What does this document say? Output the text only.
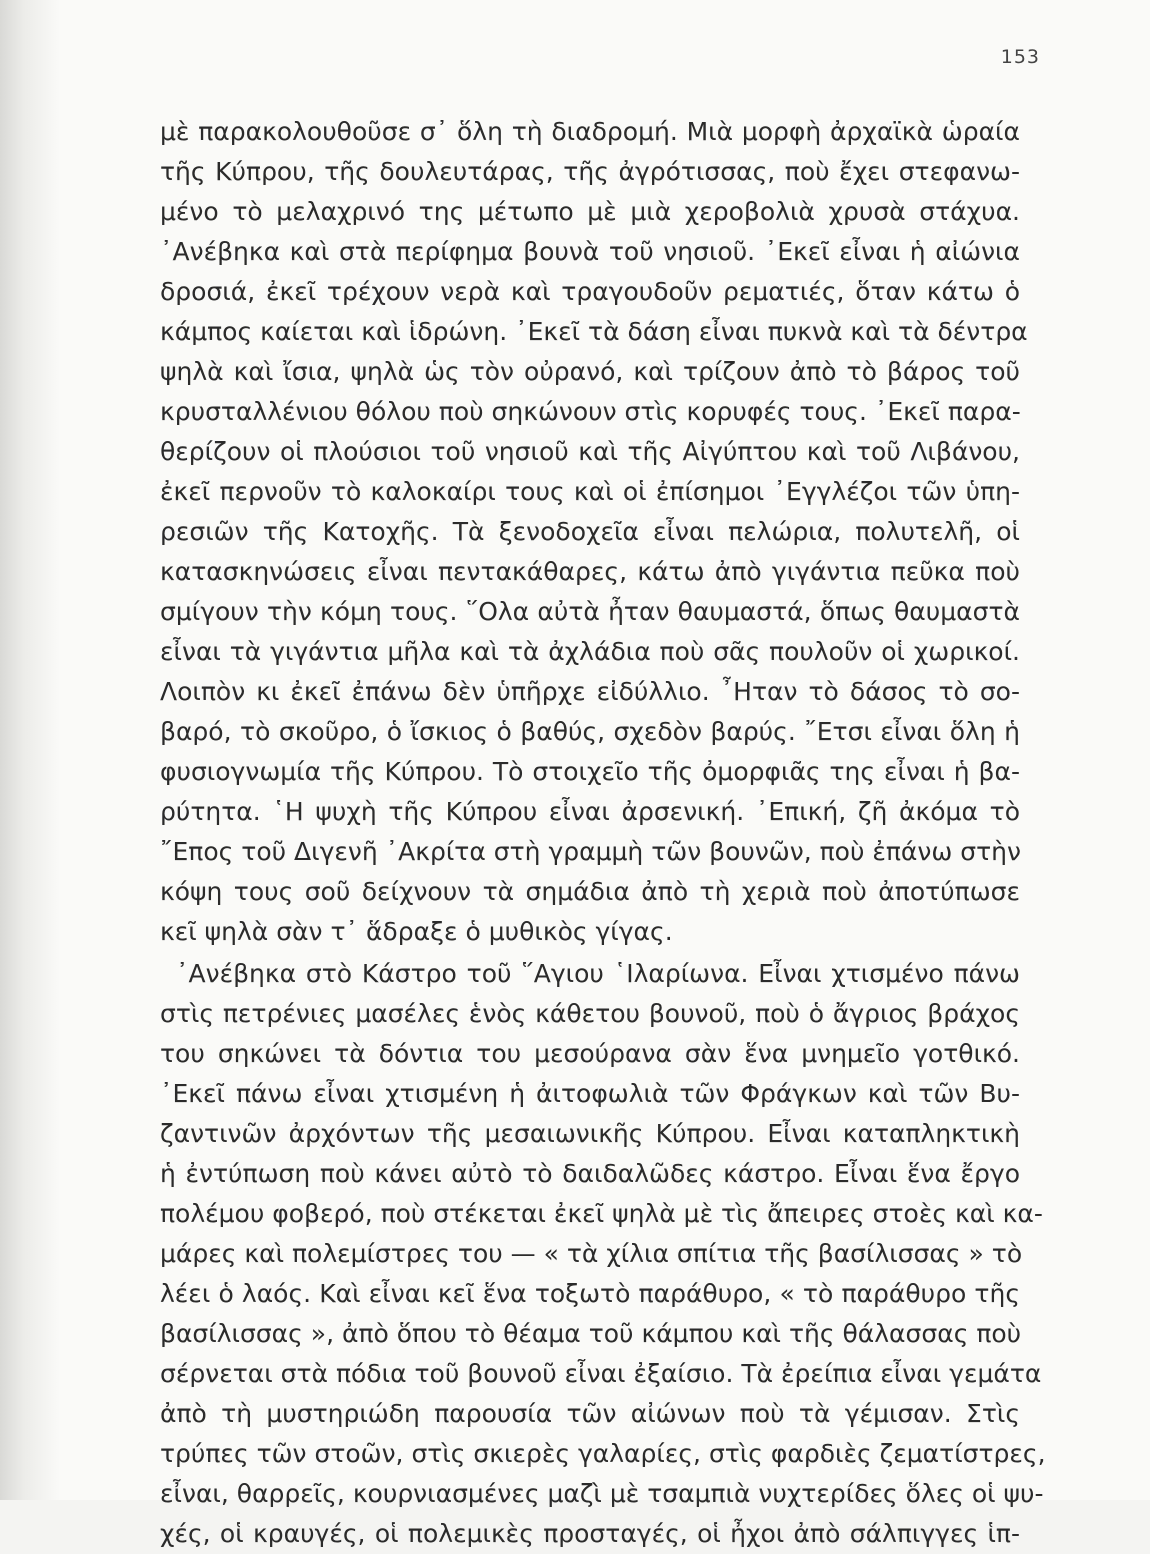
153
μὲ παρακολουθοῦσε σ᾽ ὅλη τὴ διαδρομή. Μιὰ μορφὴ ἀρχαϊκὰ ὡραία
τῆς Κύπρου, τῆς δουλευτάρας, τῆς ἀγρότισσας, ποὺ ἔχει στεφανω-
μένο τὸ μελαχρινό της μέτωπο μὲ μιὰ χεροβολιὰ χρυσὰ στάχυα.
᾽Ανέβηκα καὶ στὰ περίφημα βουνὰ τοῦ νησιοῦ. ᾽Εκεῖ εἶναι ἡ αἰώνια
δροσιά, ἐκεῖ τρέχουν νερὰ καὶ τραγουδοῦν ρεματιές, ὅταν κάτω ὁ
κάμπος καίεται καὶ ἱδρώνη. ᾽Εκεῖ τὰ δάση εἶναι πυκνὰ καὶ τὰ δέντρα
ψηλὰ καὶ ἴσια, ψηλὰ ὡς τὸν οὐρανό, καὶ τρίζουν ἀπὸ τὸ βάρος τοῦ
κρυσταλλένιου θόλου ποὺ σηκώνουν στὶς κορυφές τους. ᾽Εκεῖ παρα-
θερίζουν οἱ πλούσιοι τοῦ νησιοῦ καὶ τῆς Αἰγύπτου καὶ τοῦ Λιβάνου,
ἐκεῖ περνοῦν τὸ καλοκαίρι τους καὶ οἱ ἐπίσημοι ᾽Εγγλέζοι τῶν ὑπη-
ρεσιῶν τῆς Κατοχῆς. Τὰ ξενοδοχεῖα εἶναι πελώρια, πολυτελῆ, οἱ
κατασκηνώσεις εἶναι πεντακάθαρες, κάτω ἀπὸ γιγάντια πεῦκα ποὺ
σμίγουν τὴν κόμη τους. ῞Ολα αὐτὰ ἦταν θαυμαστά, ὅπως θαυμαστὰ
εἶναι τὰ γιγάντια μῆλα καὶ τὰ ἀχλάδια ποὺ σᾶς πουλοῦν οἱ χωρικοί.
Λοιπὸν κι ἐκεῖ ἐπάνω δὲν ὑπῆρχε εἰδύλλιο. ῏Ηταν τὸ δάσος τὸ σο-
βαρό, τὸ σκοῦρο, ὁ ἴσκιος ὁ βαθύς, σχεδὸν βαρύς. ῎Ετσι εἶναι ὅλη ἡ
φυσιογνωμία τῆς Κύπρου. Τὸ στοιχεῖο τῆς ὀμορφιᾶς της εἶναι ἡ βα-
ρύτητα. ῾Η ψυχὴ τῆς Κύπρου εἶναι ἀρσενική. ᾽Επική, ζῆ ἀκόμα τὸ
῎Επος τοῦ Διγενῆ ᾽Ακρίτα στὴ γραμμὴ τῶν βουνῶν, ποὺ ἐπάνω στὴν
κόψη τους σοῦ δείχνουν τὰ σημάδια ἀπὸ τὴ χεριὰ ποὺ ἀποτύπωσε
κεῖ ψηλὰ σὰν τ᾽ ἅδραξε ὁ μυθικὸς γίγας.
᾽Ανέβηκα στὸ Κάστρο τοῦ ῞Αγιου ῾Ιλαρίωνα. Εἶναι χτισμένο πάνω
στὶς πετρένιες μασέλες ἑνὸς κάθετου βουνοῦ, ποὺ ὁ ἄγριος βράχος
του σηκώνει τὰ δόντια του μεσούρανα σὰν ἕνα μνημεῖο γοτθικό.
᾽Εκεῖ πάνω εἶναι χτισμένη ἡ ἀιτοφωλιὰ τῶν Φράγκων καὶ τῶν Βυ-
ζαντινῶν ἀρχόντων τῆς μεσαιωνικῆς Κύπρου. Εἶναι καταπληκτικὴ
ἡ ἐντύπωση ποὺ κάνει αὐτὸ τὸ δαιδαλῶδες κάστρο. Εἶναι ἕνα ἔργο
πολέμου φοβερό, ποὺ στέκεται ἐκεῖ ψηλὰ μὲ τὶς ἄπειρες στοὲς καὶ κα-
μάρες καὶ πολεμίστρες του — « τὰ χίλια σπίτια τῆς βασίλισσας » τὸ
λέει ὁ λαός. Καὶ εἶναι κεῖ ἕνα τοξωτὸ παράθυρο, « τὸ παράθυρο τῆς
βασίλισσας », ἀπὸ ὅπου τὸ θέαμα τοῦ κάμπου καὶ τῆς θάλασσας ποὺ
σέρνεται στὰ πόδια τοῦ βουνοῦ εἶναι ἐξαίσιο. Τὰ ἐρείπια εἶναι γεμάτα
ἀπὸ τὴ μυστηριώδη παρουσία τῶν αἰώνων ποὺ τὰ γέμισαν. Στὶς
τρύπες τῶν στοῶν, στὶς σκιερὲς γαλαρίες, στὶς φαρδιὲς ζεματίστρες,
εἶναι, θαρρεῖς, κουρνιασμένες μαζὶ μὲ τσαμπιὰ νυχτερίδες ὅλες οἱ ψυ-
χές, οἱ κραυγές, οἱ πολεμικὲς προσταγές, οἱ ἦχοι ἀπὸ σάλπιγγες ἱπ-
